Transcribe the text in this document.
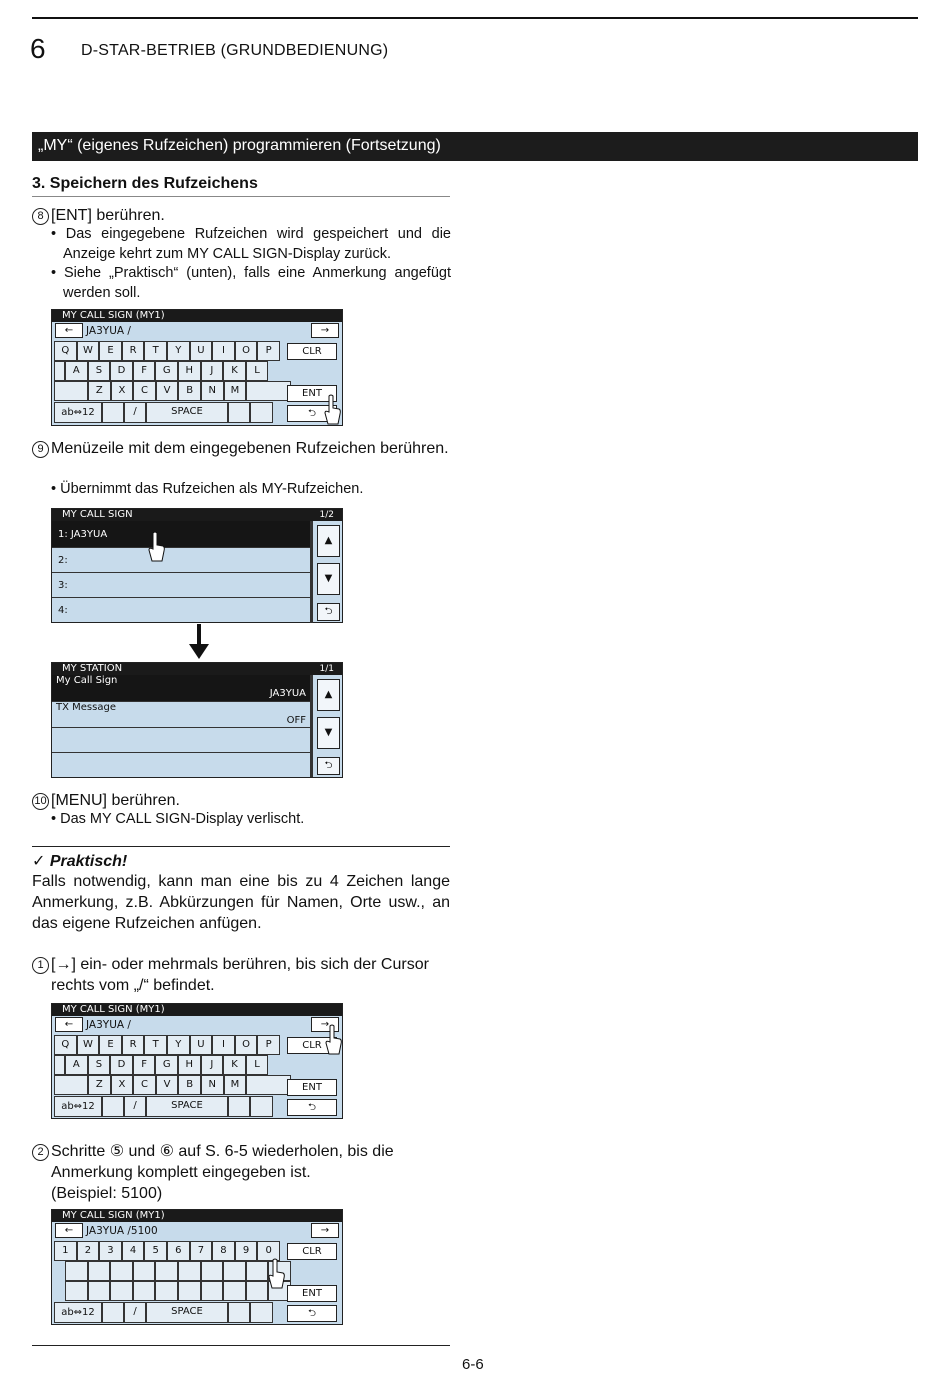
6 D-STAR-BETRIEB (GRUNDBEDIENUNG)
„MY“ (eigenes Rufzeichen) programmieren (Fortsetzung)
3. Speichern des Rufzeichens
8 [ENT] berühren.
• Das eingegebene Rufzeichen wird gespeichert und die Anzeige kehrt zum MY CALL SIGN-Display zurück.
• Siehe „Praktisch“ (unten), falls eine Anmerkung angefügt werden soll.
MY CALL SIGN (MY1)
←	JA3YUA /	→
Q	W	E	R	T	Y	U	I	O	P
A	S	D	F	G	H	J	K	L
Z	X	C	V	B	N	M
CLR
ENT
ab⇔12	/	SPACE	⮌
9 Menüzeile mit dem eingegebenen Rufzeichen berühren.
• Übernimmt das Rufzeichen als MY-Rufzeichen.
MY CALL SIGN	1/2
1: JA3YUA
2:
3:
4:
▲
▼
⮌
MY STATION	1/1
My Call Sign
JA3YUA
TX Message
OFF
▲
▼
⮌
10 [MENU] berühren.
• Das MY CALL SIGN-Display verlischt.
✓ Praktisch!
Falls notwendig, kann man eine bis zu 4 Zeichen lange Anmerkung, z.B. Abkürzungen für Namen, Orte usw., an das eigene Rufzeichen anfügen.
1 [→] ein- oder mehrmals berühren, bis sich der Cursor rechts vom „/“ befindet.
MY CALL SIGN (MY1)
←	JA3YUA /	→
Q	W	E	R	T	Y	U	I	O	P
A	S	D	F	G	H	J	K	L
Z	X	C	V	B	N	M
CLR
ENT
ab⇔12	/	SPACE	⮌
2 Schritte ⑤ und ⑥ auf S. 6-5 wiederholen, bis die Anmerkung komplett eingegeben ist.
(Beispiel: 5100)
MY CALL SIGN (MY1)
←	JA3YUA /5100	→
1	2	3	4	5	6	7	8	9	0	CLR
ENT
ab⇔12	/	SPACE	⮌
6-6
